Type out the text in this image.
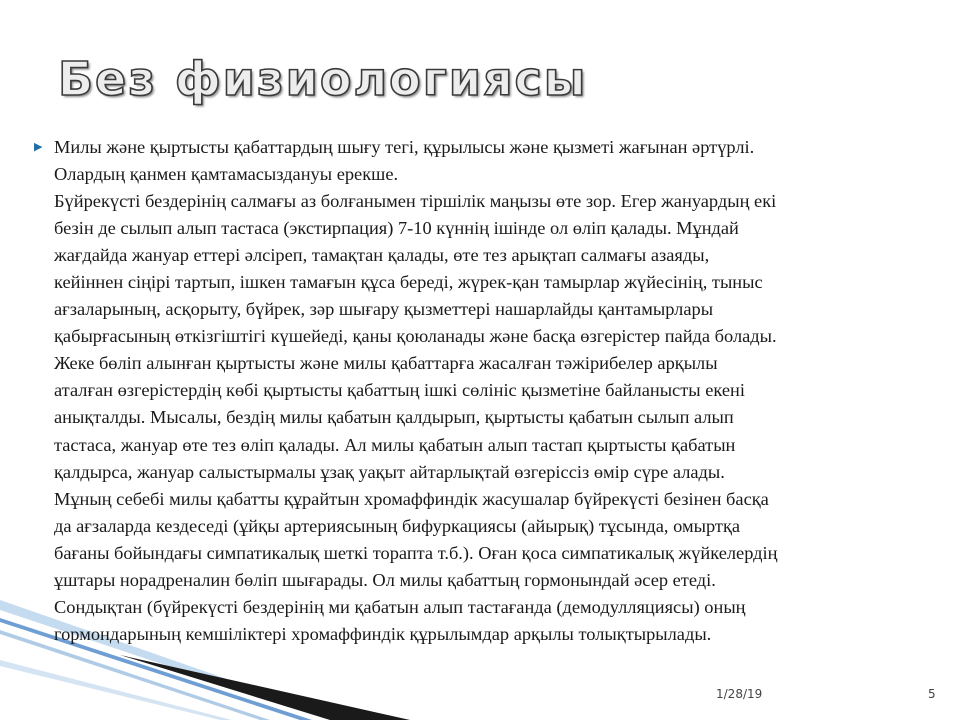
Без физиологиясы
▶ Милы және қыртысты қабаттардың шығу тегі, құрылысы және қызметі жағынан әртүрлі.
Олардың қанмен қамтамасыздануы ерекше.
Бүйрекүсті бездерінің салмағы аз болғанымен тіршілік маңызы өте зор. Егер жануардың екі
безін де сылып алып тастаса (экстирпация) 7-10 күннің ішінде ол өліп қалады. Мұндай
жағдайда жануар еттері әлсіреп, тамақтан қалады, өте тез арықтап салмағы азаяды,
кейіннен сіңірі тартып, ішкен тамағын құса береді, жүрек-қан тамырлар жүйесінің, тыныс
ағзаларының, асқорыту, бүйрек, зәр шығару қызметтері нашарлайды қантамырлары
қабырғасының өткізгіштігі күшейеді, қаны қоюланады және басқа өзгерістер пайда болады.
Жеке бөліп алынған қыртысты және милы қабаттарға жасалған тәжірибелер арқылы
аталған өзгерістердің көбі қыртысты қабаттың ішкі сөлініс қызметіне байланысты екені
анықталды. Мысалы, бездің милы қабатын қалдырып, қыртысты қабатын сылып алып
тастаса, жануар өте тез өліп қалады. Ал милы қабатын алып тастап қыртысты қабатын
қалдырса, жануар салыстырмалы ұзақ уақыт айтарлықтай өзгеріссіз өмір сүре алады.
Мұның себебі милы қабатты құрайтын хромаффиндік жасушалар бүйрекүсті безінен басқа
да ағзаларда кездеседі (ұйқы артериясының бифуркациясы (айырық) тұсында, омыртқа
бағаны бойындағы симпатикалық шеткі торапта т.б.). Оған қоса симпатикалық жүйкелердің
ұштары норадреналин бөліп шығарады. Ол милы қабаттың гормонындай әсер етеді.
Сондықтан (бүйрекүсті бездерінің ми қабатын алып тастағанда (демодулляциясы) оның
гормондарының кемшіліктері хромаффиндік құрылымдар арқылы толықтырылады.
1/28/19	5
